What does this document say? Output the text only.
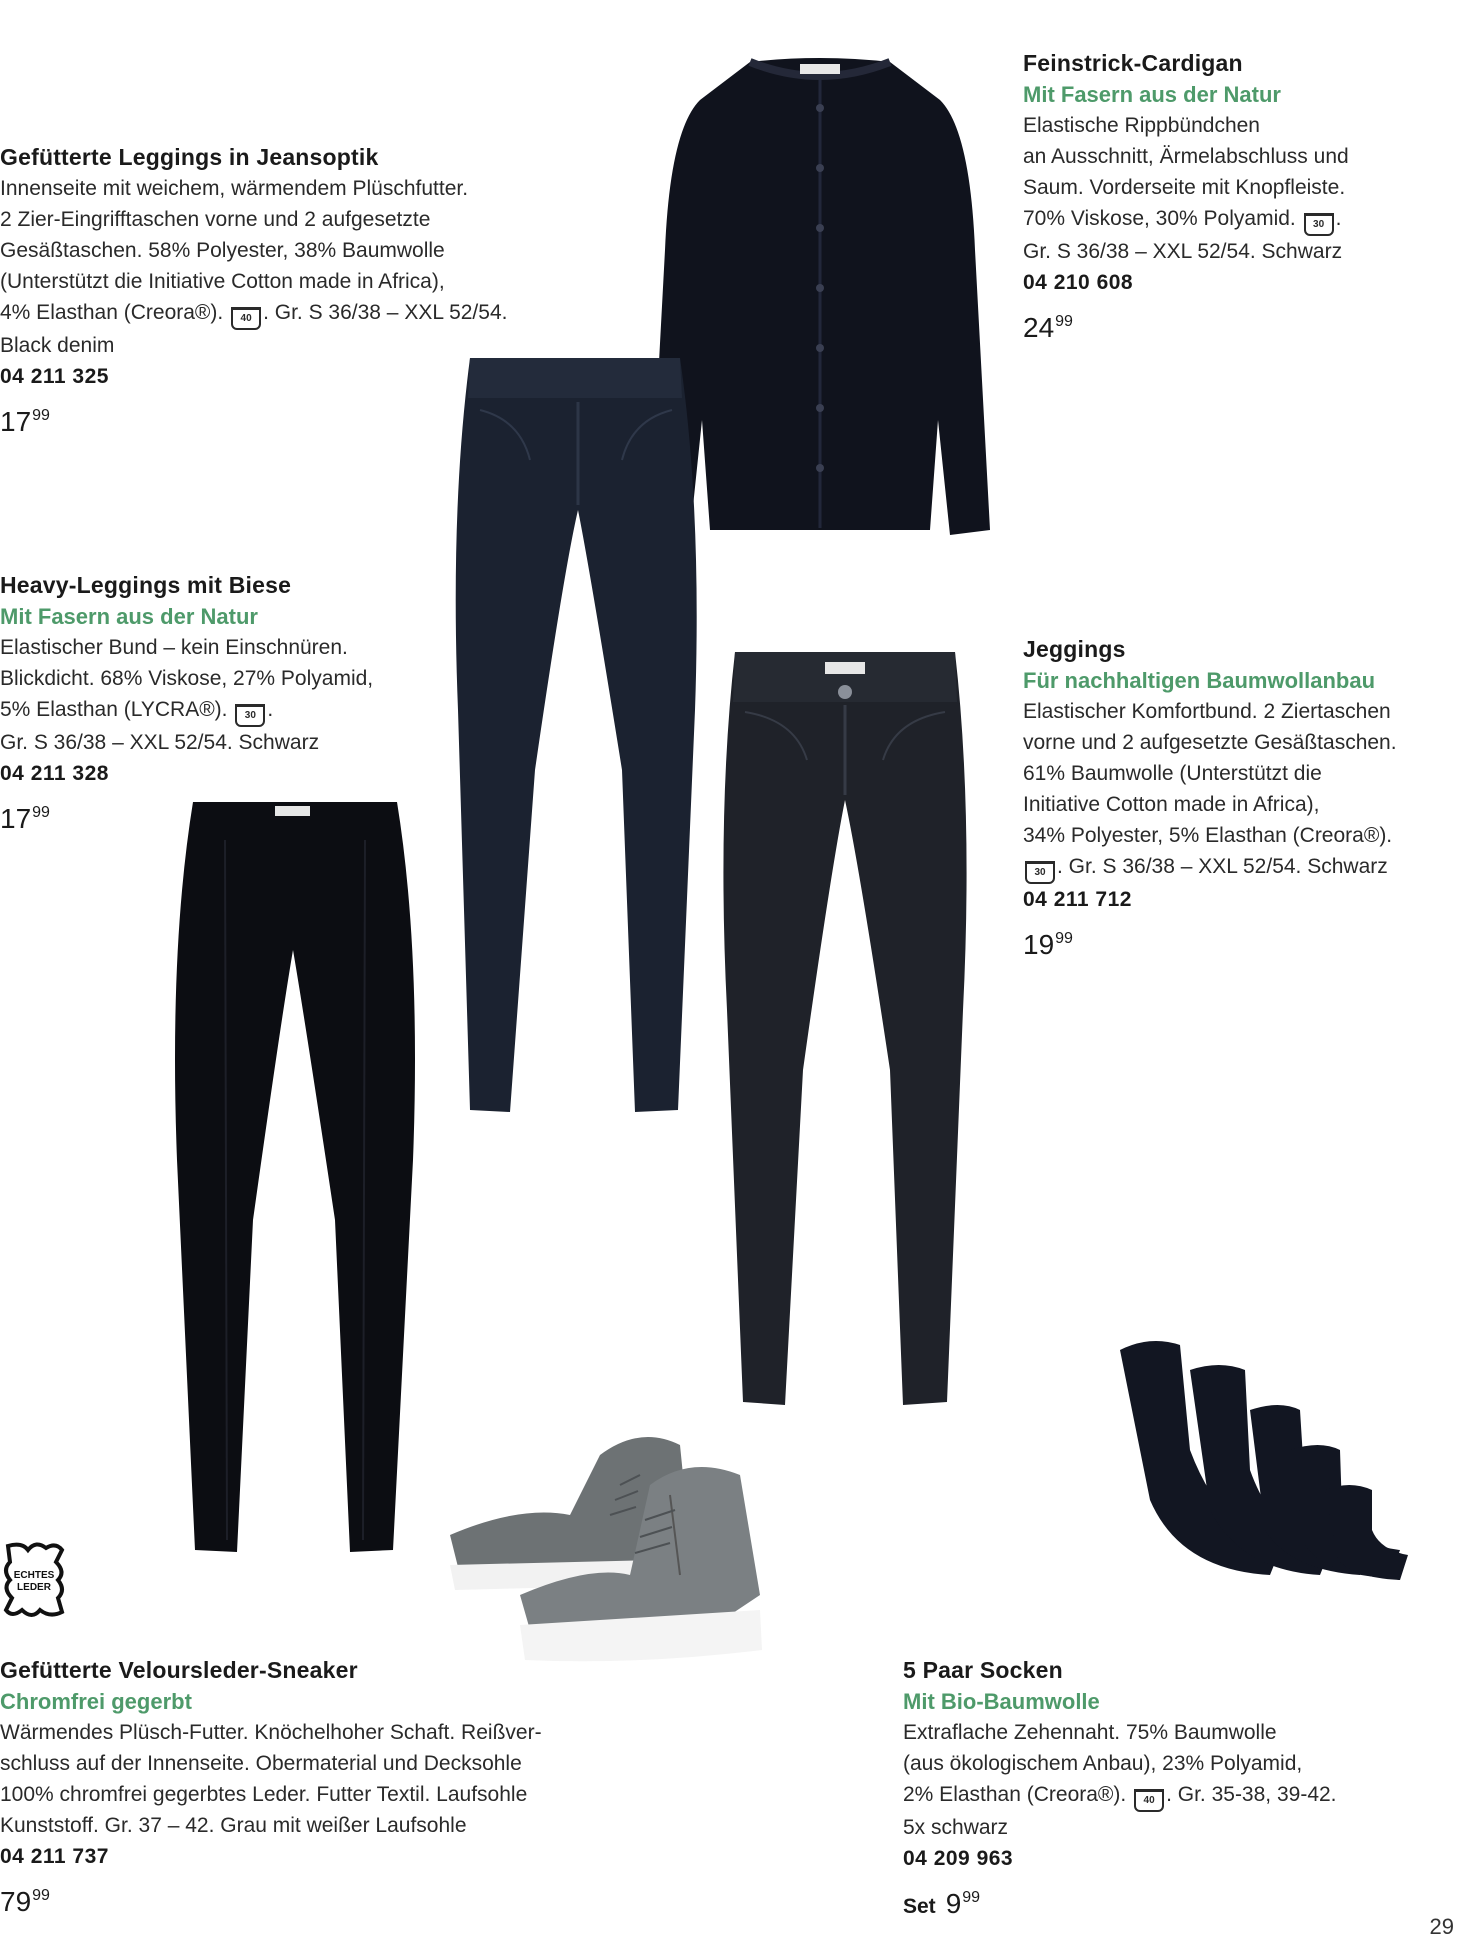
ECHTES
LEDER
Gefütterte Leggings in Jeansoptik
Innenseite mit weichem, wärmendem Plüschfutter.
2 Zier-Eingrifftaschen vorne und 2 aufgesetzte
Gesäßtaschen. 58% Polyester, 38% Baumwolle
(Unterstützt die Initiative Cotton made in Africa),
4% Elasthan (Creora®). 40 . Gr. S 36/38 – XXL 52/54.
Black denim
04 211 325
$17^{99}$
Heavy-Leggings mit Biese
Mit Fasern aus der Natur
Elastischer Bund – kein Einschnüren.
Blickdicht. 68% Viskose, 27% Polyamid,
5% Elasthan (LYCRA®). 30 .
Gr. S 36/38 – XXL 52/54. Schwarz
04 211 328
$17^{99}$
Feinstrick-Cardigan
Mit Fasern aus der Natur
Elastische Rippbündchen
an Ausschnitt, Ärmelabschluss und
Saum. Vorderseite mit Knopfleiste.
70% Viskose, 30% Polyamid. 30 .
Gr. S 36/38 – XXL 52/54. Schwarz
04 210 608
$24^{99}$
Jeggings
Für nachhaltigen Baumwollanbau
Elastischer Komfortbund. 2 Ziertaschen
vorne und 2 aufgesetzte Gesäßtaschen.
61% Baumwolle (Unterstützt die
Initiative Cotton made in Africa),
34% Polyester, 5% Elasthan (Creora®).
30 . Gr. S 36/38 – XXL 52/54. Schwarz
04 211 712
$19^{99}$
Gefütterte Veloursleder-Sneaker
Chromfrei gegerbt
Wärmendes Plüsch-Futter. Knöchelhoher Schaft. Reißver-
schluss auf der Innenseite. Obermaterial und Decksohle
100% chromfrei gegerbtes Leder. Futter Textil. Laufsohle
Kunststoff. Gr. 37 – 42. Grau mit weißer Laufsohle
04 211 737
$79^{99}$
5 Paar Socken
Mit Bio-Baumwolle
Extraflache Zehennaht. 75% Baumwolle
(aus ökologischem Anbau), 23% Polyamid,
2% Elasthan (Creora®). 40 . Gr. 35-38, 39-42.
5x schwarz
04 209 963
Set $9^{99}$
29
